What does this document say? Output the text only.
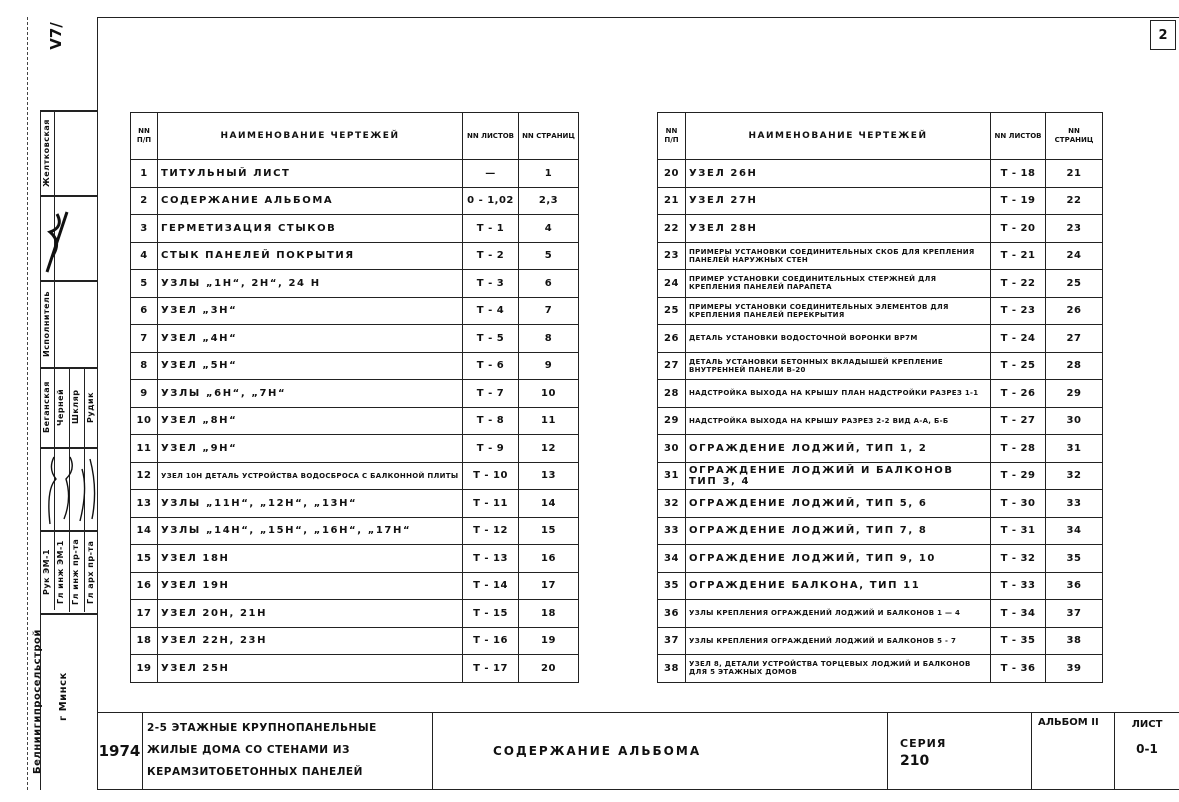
2
V7/
Желтковская
Исполнитель
Беганская Черней Шкляр Рудик
Рук ЭМ-1 Гл инж ЭМ-1 Гл инж пр-та Гл арх пр-та
Белниигипросельстрой	г Минск
NN П/П	НАИМЕНОВАНИЕ ЧЕРТЕЖЕЙ	NN ЛИСТОВ	NN СТРАНИЦ
1	ТИТУЛЬНЫЙ ЛИСТ	—	1
2	СОДЕРЖАНИЕ АЛЬБОМА	0 - 1,02	2,3
3	ГЕРМЕТИЗАЦИЯ СТЫКОВ	Т - 1	4
4	СТЫК ПАНЕЛЕЙ ПОКРЫТИЯ	Т - 2	5
5	УЗЛЫ „1Н“, 2Н“, 24 Н	Т - 3	6
6	УЗЕЛ „3Н“	Т - 4	7
7	УЗЕЛ „4Н“	Т - 5	8
8	УЗЕЛ „5Н“	Т - 6	9
9	УЗЛЫ „6Н“, „7Н“	Т - 7	10
10	УЗЕЛ „8Н“	Т - 8	11
11	УЗЕЛ „9Н“	Т - 9	12
12	УЗЕЛ 10Н ДЕТАЛЬ УСТРОЙСТВА ВОДОСБРОСА С БАЛКОННОЙ ПЛИТЫ	Т - 10	13
13	УЗЛЫ „11Н“, „12Н“, „13Н“	Т - 11	14
14	УЗЛЫ „14Н“, „15Н“, „16Н“, „17Н“	Т - 12	15
15	УЗЕЛ 18Н	Т - 13	16
16	УЗЕЛ 19Н	Т - 14	17
17	УЗЕЛ 20Н, 21Н	Т - 15	18
18	УЗЕЛ 22Н, 23Н	Т - 16	19
19	УЗЕЛ 25Н	Т - 17	20
NN П/П	НАИМЕНОВАНИЕ ЧЕРТЕЖЕЙ	NN ЛИСТОВ	NN СТРАНИЦ
20	УЗЕЛ 26Н	Т - 18	21
21	УЗЕЛ 27Н	Т - 19	22
22	УЗЕЛ 28Н	Т - 20	23
23	ПРИМЕРЫ УСТАНОВКИ СОЕДИНИТЕЛЬНЫХ СКОБ ДЛЯ КРЕПЛЕНИЯ ПАНЕЛЕЙ НАРУЖНЫХ СТЕН	Т - 21	24
24	ПРИМЕР УСТАНОВКИ СОЕДИНИТЕЛЬНЫХ СТЕРЖНЕЙ ДЛЯ КРЕПЛЕНИЯ ПАНЕЛЕЙ ПАРАПЕТА	Т - 22	25
25	ПРИМЕРЫ УСТАНОВКИ СОЕДИНИТЕЛЬНЫХ ЭЛЕМЕНТОВ ДЛЯ КРЕПЛЕНИЯ ПАНЕЛЕЙ ПЕРЕКРЫТИЯ	Т - 23	26
26	ДЕТАЛЬ УСТАНОВКИ ВОДОСТОЧНОЙ ВОРОНКИ ВР7М	Т - 24	27
27	ДЕТАЛЬ УСТАНОВКИ БЕТОННЫХ ВКЛАДЫШЕЙ КРЕПЛЕНИЕ ВНУТРЕННЕЙ ПАНЕЛИ В-20	Т - 25	28
28	НАДСТРОЙКА ВЫХОДА НА КРЫШУ ПЛАН НАДСТРОЙКИ РАЗРЕЗ 1-1	Т - 26	29
29	НАДСТРОЙКА ВЫХОДА НА КРЫШУ РАЗРЕЗ 2-2 ВИД А-А, Б-Б	Т - 27	30
30	ОГРАЖДЕНИЕ ЛОДЖИЙ, ТИП 1, 2	Т - 28	31
31	ОГРАЖДЕНИЕ ЛОДЖИЙ И БАЛКОНОВ ТИП 3, 4	Т - 29	32
32	ОГРАЖДЕНИЕ ЛОДЖИЙ, ТИП 5, 6	Т - 30	33
33	ОГРАЖДЕНИЕ ЛОДЖИЙ, ТИП 7, 8	Т - 31	34
34	ОГРАЖДЕНИЕ ЛОДЖИЙ, ТИП 9, 10	Т - 32	35
35	ОГРАЖДЕНИЕ БАЛКОНА, ТИП 11	Т - 33	36
36	УЗЛЫ КРЕПЛЕНИЯ ОГРАЖДЕНИЙ ЛОДЖИЙ И БАЛКОНОВ 1 — 4	Т - 34	37
37	УЗЛЫ КРЕПЛЕНИЯ ОГРАЖДЕНИЙ ЛОДЖИЙ И БАЛКОНОВ 5 - 7	Т - 35	38
38	УЗЕЛ 8, ДЕТАЛИ УСТРОЙСТВА ТОРЦЕВЫХ ЛОДЖИЙ И БАЛКОНОВ ДЛЯ 5 ЭТАЖНЫХ ДОМОВ	Т - 36	39
1974
2-5 ЭТАЖНЫЕ КРУПНОПАНЕЛЬНЫЕ ЖИЛЫЕ ДОМА СО СТЕНАМИ ИЗ КЕРАМЗИТОБЕТОННЫХ ПАНЕЛЕЙ
СОДЕРЖАНИЕ АЛЬБОМА
СЕРИЯ
210
АЛЬБОМ II	ЛИСТ
0-1
